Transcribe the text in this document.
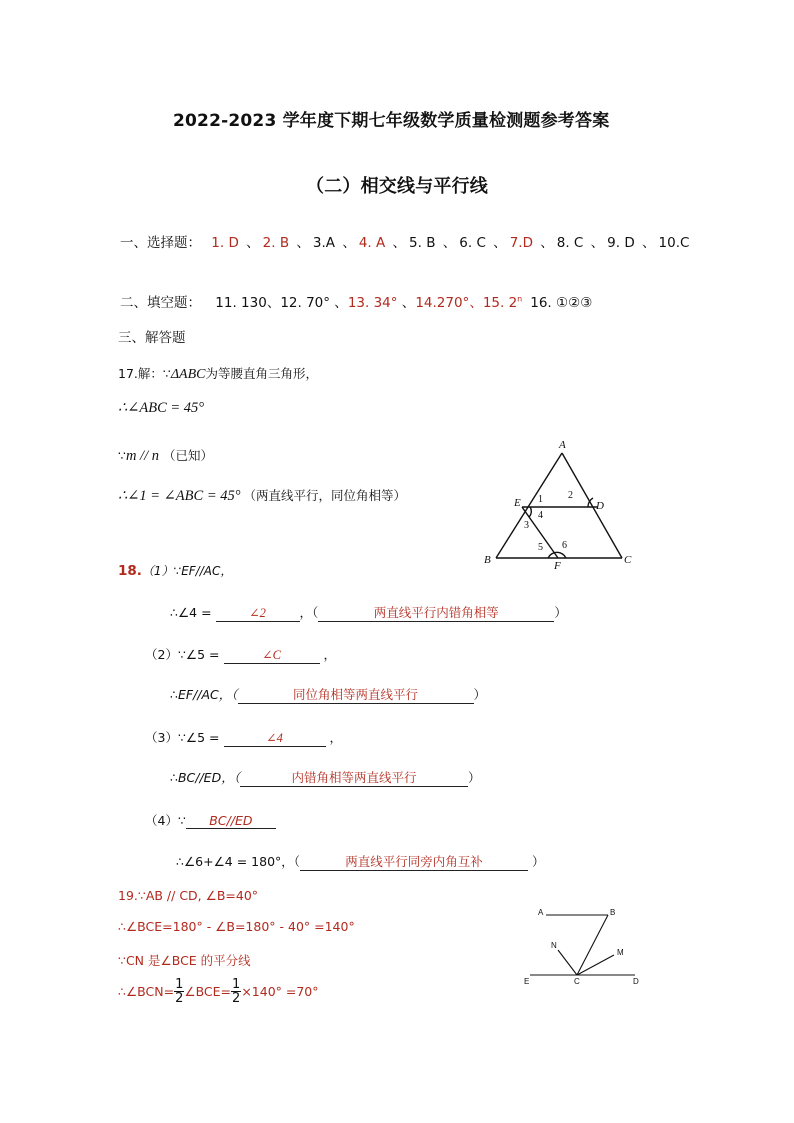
2022-2023 学年度下期七年级数学质量检测题参考答案
（二）相交线与平行线
一、选择题： 1. D 、 2. B 、 3.A 、 4. A 、 5. B 、 6. C 、 7.D 、 8. C 、 9. D 、 10.C
二、填空题： 11. 130、12. 70° 、13. 34° 、14.270°、15. 2$^n$ 16. ①②③
三、解答题
17.解：∵ΔABC为等腰直角三角形，
∴∠ABC = 45°
∵m // n （已知）
∴∠1 = ∠ABC = 45° （两直线平行，同位角相等）
A
B	C
D
E
F
1	2
3
4
5 6
18.（1）∵EF//AC，
∴∠4 =	∠2	，（	两直线平行内错角相等	）
（2）∵∠5 =	∠C	，
∴EF//AC，（	同位角相等两直线平行	）
（3）∵∠5 =	∠4	，
∴BC//ED，（	内错角相等两直线平行	）
（4）∵ BC//ED
∴∠6+∠4 = 180°，（	两直线平行同旁内角互补	）
19.∵AB // CD, ∠B=40°
∴∠BCE=180° - ∠B=180° - 40° =140°
∵CN 是∠BCE 的平分线
∴∠BCN= $\frac{1}{2}$ ∠BCE= $\frac{1}{2} \times 140^\circ =70^\circ$
A	B
N
M
E	C	D
